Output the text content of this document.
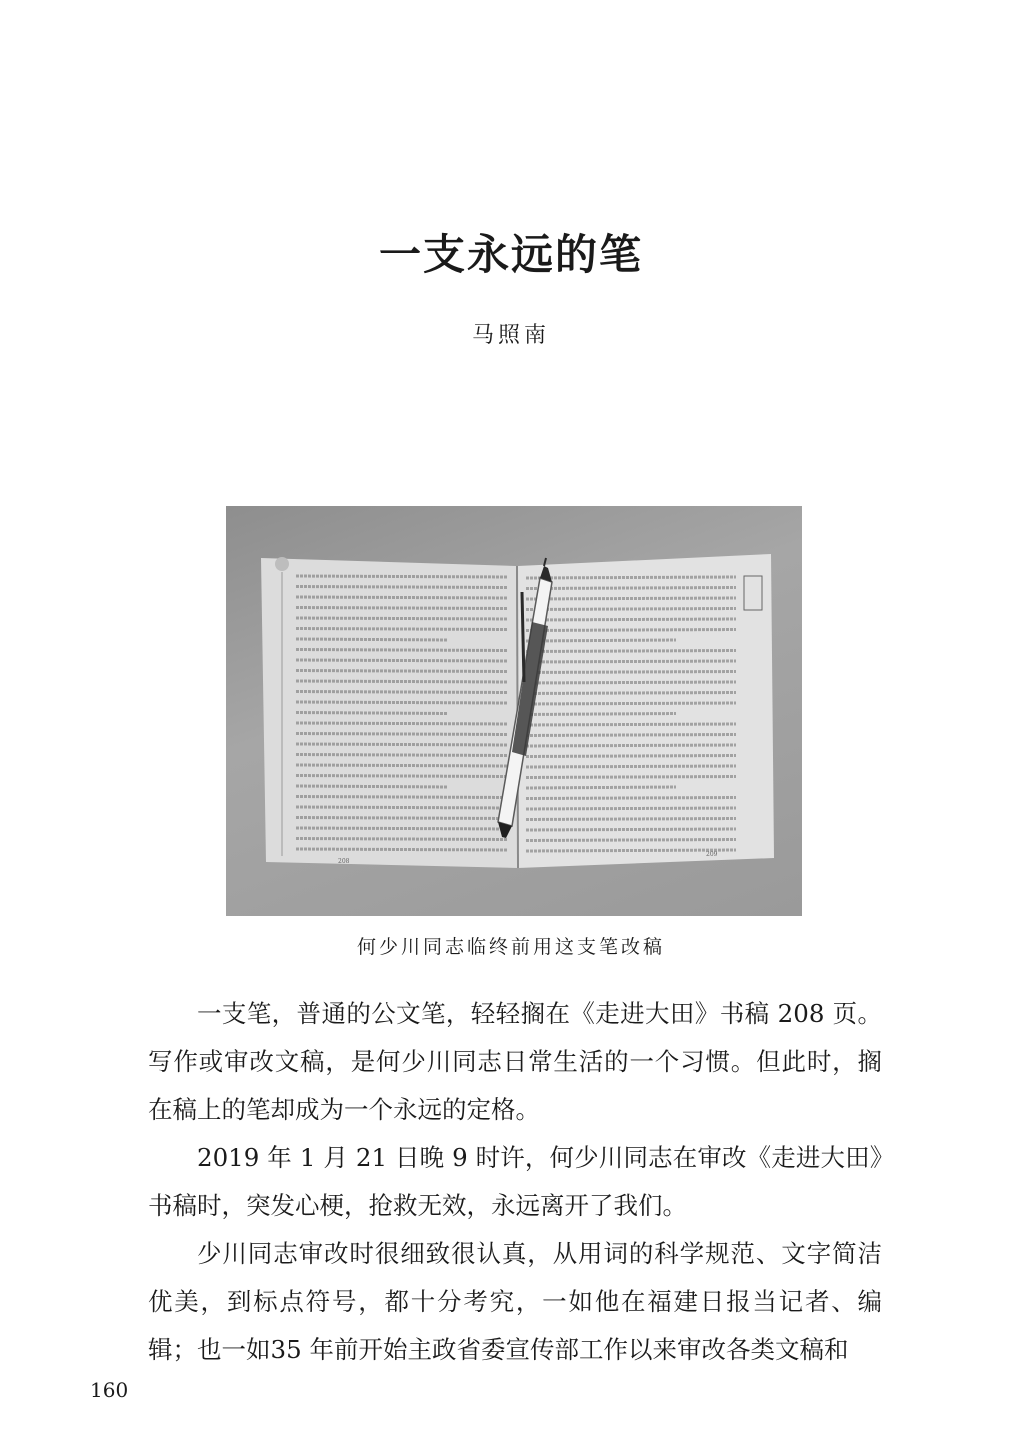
一支永远的笔
马照南
208
209
何少川同志临终前用这支笔改稿

一支笔，普通的公文笔，轻轻搁在《走进大田》书稿 208 页。写作或审改文稿，是何少川同志日常生活的一个习惯。但此时，搁在稿上的笔却成为一个永远的定格。

2019 年 1 月 21 日晚 9 时许，何少川同志在审改《走进大田》书稿时，突发心梗，抢救无效，永远离开了我们。

少川同志审改时很细致很认真，从用词的科学规范、文字简洁优美，到标点符号，都十分考究，一如他在福建日报当记者、编辑；也一如35 年前开始主政省委宣传部工作以来审改各类文稿和

160
